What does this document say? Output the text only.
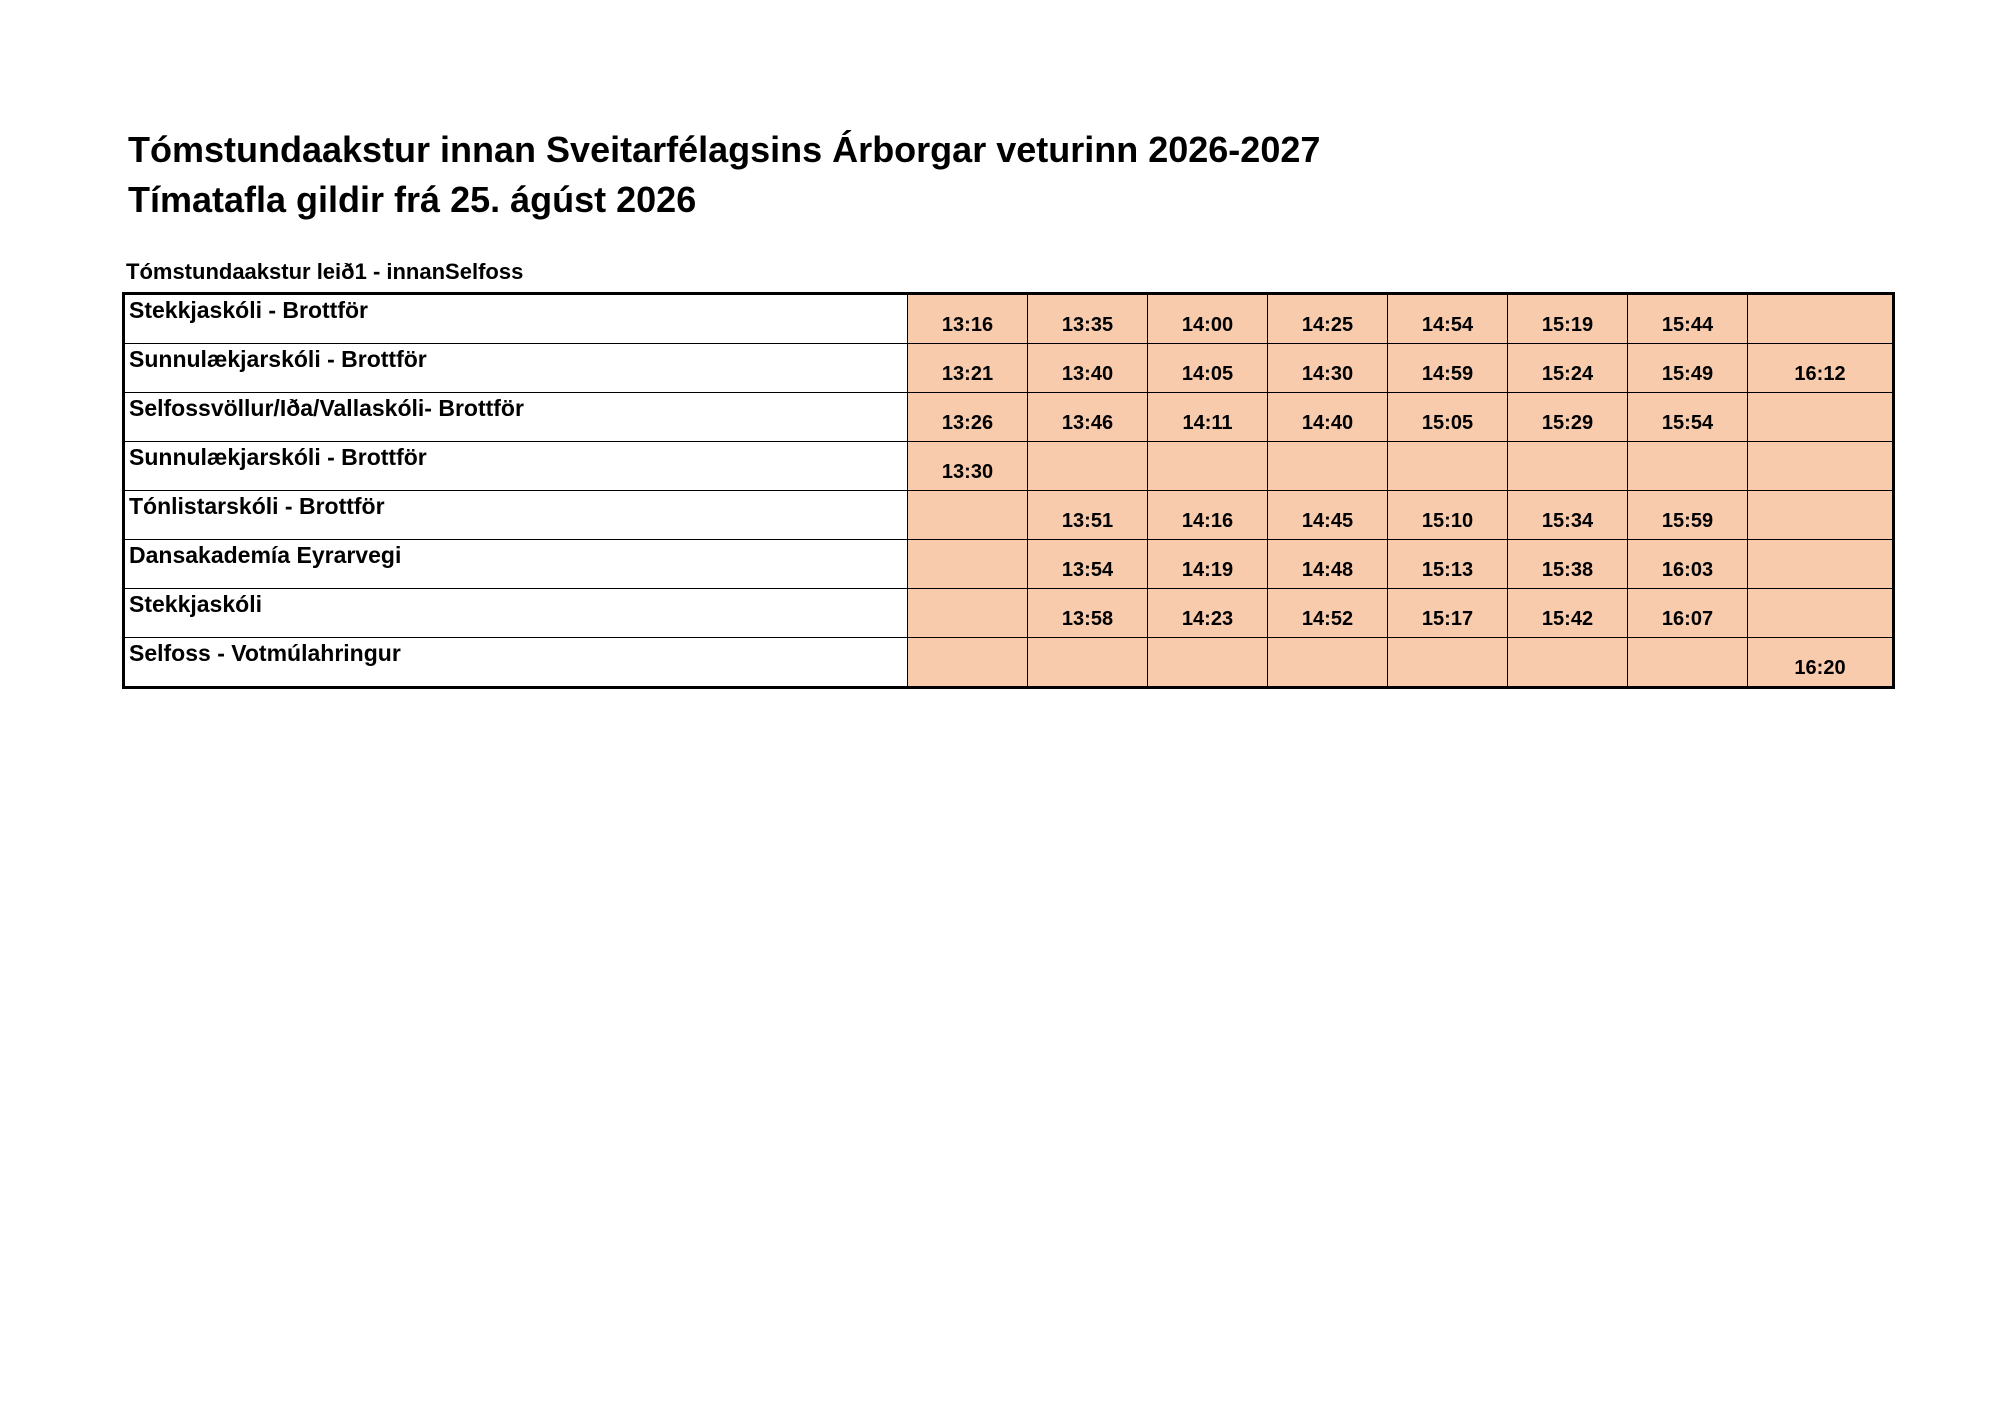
Tómstundaakstur innan Sveitarfélagsins Árborgar veturinn 2026-2027
Tímatafla gildir frá 25. ágúst 2026
Tómstundaakstur leið1 - innanSelfoss
Stekkjaskóli - Brottför	13:16	13:35	14:00	14:25	14:54	15:19	15:44	
Sunnulækjarskóli - Brottför	13:21	13:40	14:05	14:30	14:59	15:24	15:49	16:12
Selfossvöllur/Iða/Vallaskóli- Brottför	13:26	13:46	14:11	14:40	15:05	15:29	15:54	
Sunnulækjarskóli - Brottför	13:30							
Tónlistarskóli - Brottför		13:51	14:16	14:45	15:10	15:34	15:59	
Dansakademía Eyrarvegi		13:54	14:19	14:48	15:13	15:38	16:03	
Stekkjaskóli		13:58	14:23	14:52	15:17	15:42	16:07	
Selfoss - Votmúlahringur								16:20
